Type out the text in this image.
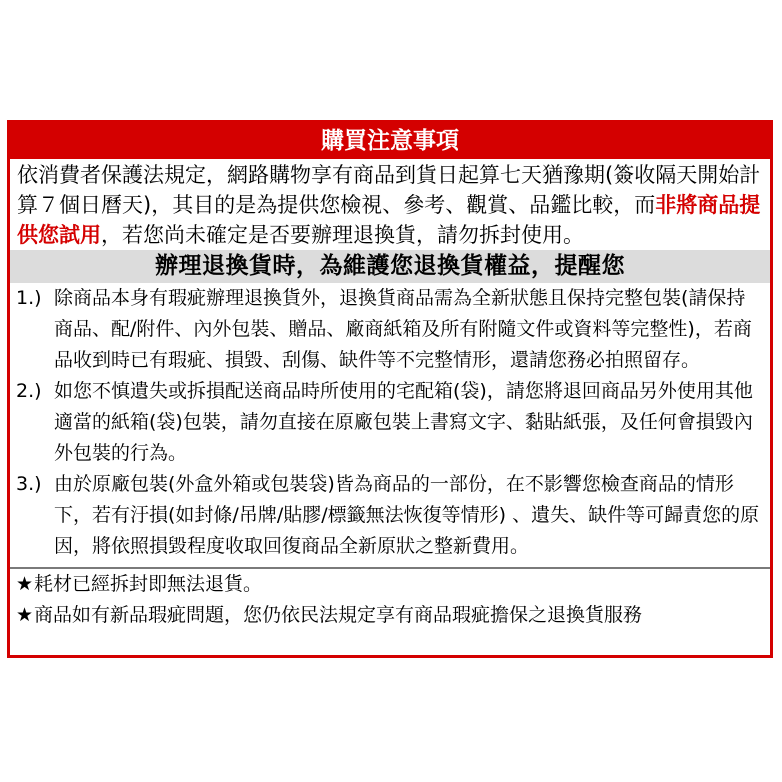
購買注意事項
依消費者保護法規定，網路購物享有商品到貨日起算七天猶豫期(簽收隔天開始計算７個日曆天)，其目的是為提供您檢視、參考、觀賞、品鑑比較，而非將商品提供您試用，若您尚未確定是否要辦理退換貨，請勿拆封使用。
辦理退換貨時，為維護您退換貨權益，提醒您
1.) 除商品本身有瑕疵辦理退換貨外，退換貨商品需為全新狀態且保持完整包裝(請保持商品、配/附件、內外包裝、贈品、廠商紙箱及所有附隨文件或資料等完整性)，若商品收到時已有瑕疵、損毀、刮傷、缺件等不完整情形，還請您務必拍照留存。
2.) 如您不慎遺失或拆損配送商品時所使用的宅配箱(袋)，請您將退回商品另外使用其他適當的紙箱(袋)包裝，請勿直接在原廠包裝上書寫文字、黏貼紙張，及任何會損毀內外包裝的行為。
3.) 由於原廠包裝(外盒外箱或包裝袋)皆為商品的一部份，在不影響您檢查商品的情形下，若有汙損(如封條/吊牌/貼膠/標籤無法恢復等情形) 、遺失、缺件等可歸責您的原因，將依照損毀程度收取回復商品全新原狀之整新費用。
★耗材已經拆封即無法退貨。
★商品如有新品瑕疵問題，您仍依民法規定享有商品瑕疵擔保之退換貨服務
